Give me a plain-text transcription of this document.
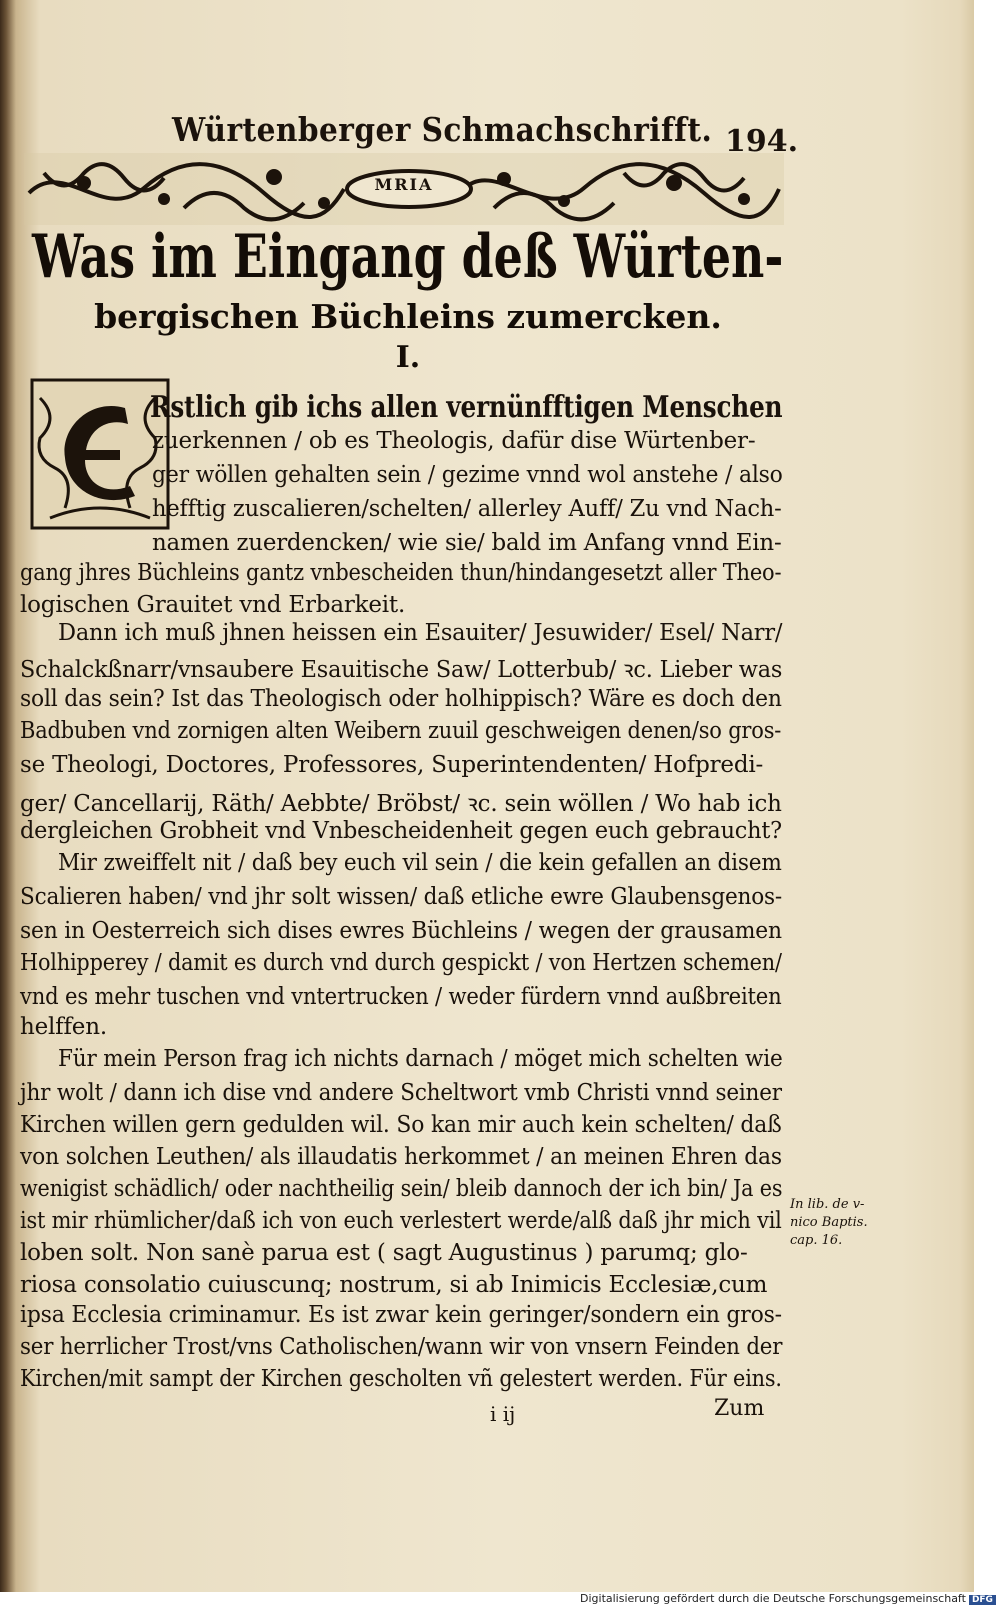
Würtenberger Schmachschrifft. 194.
MRIA
Was im Eingang deß Würten-
bergischen Büchleins zumercken.
I.
Rstlich gib ichs allen vernünfftigen Menschen
zuerkennen / ob es Theologis, dafür dise Würtenber-
ger wöllen gehalten sein / gezime vnnd wol anstehe / also
hefftig zuscalieren/schelten/ allerley Auff/ Zu vnd Nach-
namen zuerdencken/ wie sie/ bald im Anfang vnnd Ein-
gang jhres Büchleins gantz vnbescheiden thun/hindangesetzt aller Theo-
logischen Grauitet vnd Erbarkeit.
Dann ich muß jhnen heissen ein Esauiter/ Jesuwider/ Esel/ Narr/
Schalckßnarr/vnsaubere Esauitische Saw/ Lotterbub/ ꝛc. Lieber was
soll das sein? Ist das Theologisch oder holhippisch? Wäre es doch den
Badbuben vnd zornigen alten Weibern zuuil geschweigen denen/so gros-
se Theologi, Doctores, Professores, Superintendenten/ Hofpredi-
ger/ Cancellarij, Räth/ Aebbte/ Bröbst/ ꝛc. sein wöllen / Wo hab ich
dergleichen Grobheit vnd Vnbescheidenheit gegen euch gebraucht?
Mir zweiffelt nit / daß bey euch vil sein / die kein gefallen an disem
Scalieren haben/ vnd jhr solt wissen/ daß etliche ewre Glaubensgenos-
sen in Oesterreich sich dises ewres Büchleins / wegen der grausamen
Holhipperey / damit es durch vnd durch gespickt / von Hertzen schemen/
vnd es mehr tuschen vnd vntertrucken / weder fürdern vnnd außbreiten
helffen.
Für mein Person frag ich nichts darnach / möget mich schelten wie
jhr wolt / dann ich dise vnd andere Scheltwort vmb Christi vnnd seiner
Kirchen willen gern gedulden wil. So kan mir auch kein schelten/ daß
von solchen Leuthen/ als illaudatis herkommet / an meinen Ehren das
wenigist schädlich/ oder nachtheilig sein/ bleib dannoch der ich bin/ Ja es
ist mir rhümlicher/daß ich von euch verlestert werde/alß daß jhr mich vil
loben solt. Non sanè parua est ( sagt Augustinus ) parumq; glo-
riosa consolatio cuiuscunq; nostrum, si ab Inimicis Ecclesiæ,cum
ipsa Ecclesia criminamur. Es ist zwar kein geringer/sondern ein gros-
ser herrlicher Trost/vns Catholischen/wann wir von vnsern Feinden der
Kirchen/mit sampt der Kirchen gescholten vñ gelestert werden. Für eins.
In lib. de v-
nico Baptis.
cap. 16.
i ij	Zum
Digitalisierung gefördert durch die Deutsche Forschungsgemeinschaft DFG
